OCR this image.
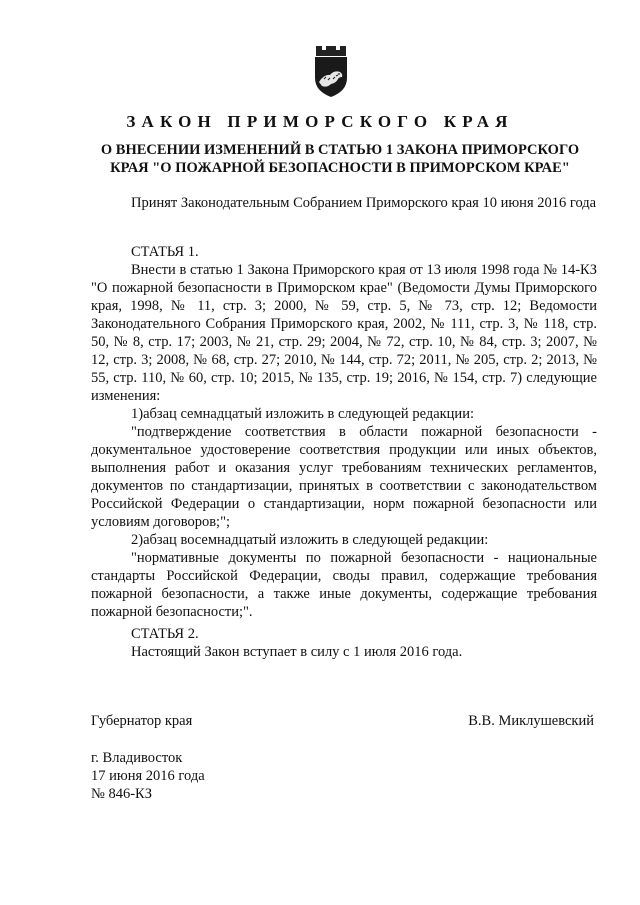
ЗАКОН ПРИМОРСКОГО КРАЯ
О ВНЕСЕНИИ ИЗМЕНЕНИЙ В СТАТЬЮ 1 ЗАКОНА ПРИМОРСКОГО
КРАЯ "О ПОЖАРНОЙ БЕЗОПАСНОСТИ В ПРИМОРСКОМ КРАЕ"
Принят Законодательным Собранием Приморского края 10 июня 2016 года
СТАТЬЯ 1.
Внести в статью 1 Закона Приморского края от 13 июля 1998 года № 14-КЗ "О пожарной безопасности в Приморском крае" (Ведомости Думы Приморского края, 1998, № 11, стр. 3; 2000, № 59, стр. 5, № 73, стр. 12; Ведомости Законодательного Собрания Приморского края, 2002, № 111, стр. 3, № 118, стр. 50, № 8, стр. 17; 2003, № 21, стр. 29; 2004, № 72, стр. 10, № 84, стр. 3; 2007, № 12, стр. 3; 2008, № 68, стр. 27; 2010, № 144, стр. 72; 2011, № 205, стр. 2; 2013, № 55, стр. 110, № 60, стр. 10; 2015, № 135, стр. 19; 2016, № 154, стр. 7) следующие изменения:
1)абзац семнадцатый изложить в следующей редакции:
"подтверждение соответствия в области пожарной безопасности - документальное удостоверение соответствия продукции или иных объектов, выполнения работ и оказания услуг требованиям технических регламентов, документов по стандартизации, принятых в соответствии с законодательством Российской Федерации о стандартизации, норм пожарной безопасности или условиям договоров;";
2)абзац восемнадцатый изложить в следующей редакции:
"нормативные документы по пожарной безопасности - национальные стандарты Российской Федерации, своды правил, содержащие требования пожарной безопасности, а также иные документы, содержащие требования пожарной безопасности;".
СТАТЬЯ 2.
Настоящий Закон вступает в силу с 1 июля 2016 года.
Губернатор края	В.В. Миклушевский
г. Владивосток
17 июня 2016 года
№ 846-КЗ
